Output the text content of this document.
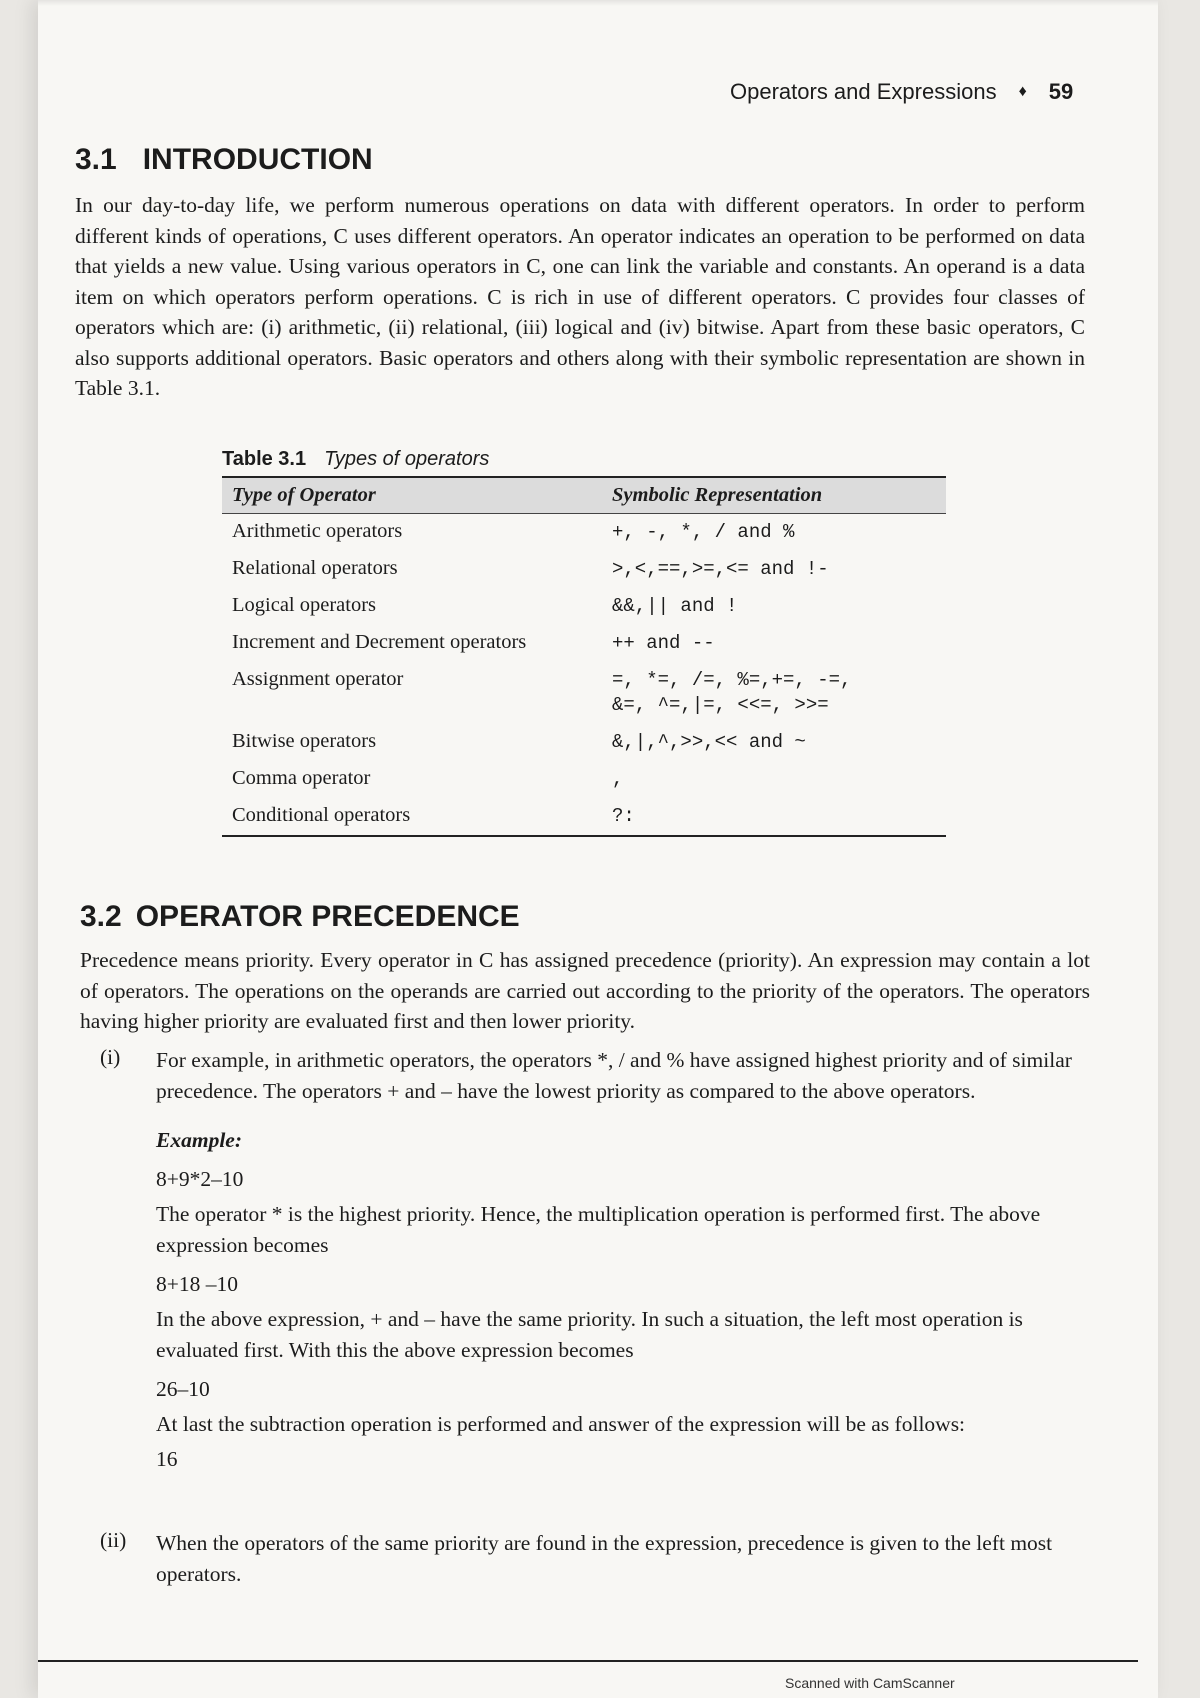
Operators and Expressions ♦ 59
3.1 INTRODUCTION

In our day-to-day life, we perform numerous operations on data with different operators. In order to perform different kinds of operations, C uses different operators. An operator indicates an operation to be performed on data that yields a new value. Using various operators in C, one can link the variable and constants. An operand is a data item on which operators perform operations. C is rich in use of different operators. C provides four classes of operators which are: (i) arithmetic, (ii) relational, (iii) logical and (iv) bitwise. Apart from these basic operators, C also supports additional operators. Basic operators and others along with their symbolic representation are shown in Table 3.1.

Table 3.1 Types of operators
Type of Operator	Symbolic Representation
Arithmetic operators	+, -, *, / and %
Relational operators	>,<,==,>=,<= and !-
Logical operators	&&,|| and !
Increment and Decrement operators	++ and --
Assignment operator	=, *=, /=, %=,+=, -=,
&=, ^=,|=, <<=, >>=
Bitwise operators	&,|,^,>>,<< and ~
Comma operator	,
Conditional operators	?:
3.2 OPERATOR PRECEDENCE

Precedence means priority. Every operator in C has assigned precedence (priority). An expression may contain a lot of operators. The operations on the operands are carried out according to the priority of the operators. The operators having higher priority are evaluated first and then lower priority.

(i)	For example, in arithmetic operators, the operators *, / and % have assigned highest priority and of similar precedence. The operators + and – have the lowest priority as compared to the above operators.

Example:

8+9*2–10

The operator * is the highest priority. Hence, the multiplication operation is performed first. The above expression becomes

8+18 –10

In the above expression, + and – have the same priority. In such a situation, the left most operation is evaluated first. With this the above expression becomes

26–10

At last the subtraction operation is performed and answer of the expression will be as follows:

16

(ii)	When the operators of the same priority are found in the expression, precedence is given to the left most operators.

Scanned with CamScanner
